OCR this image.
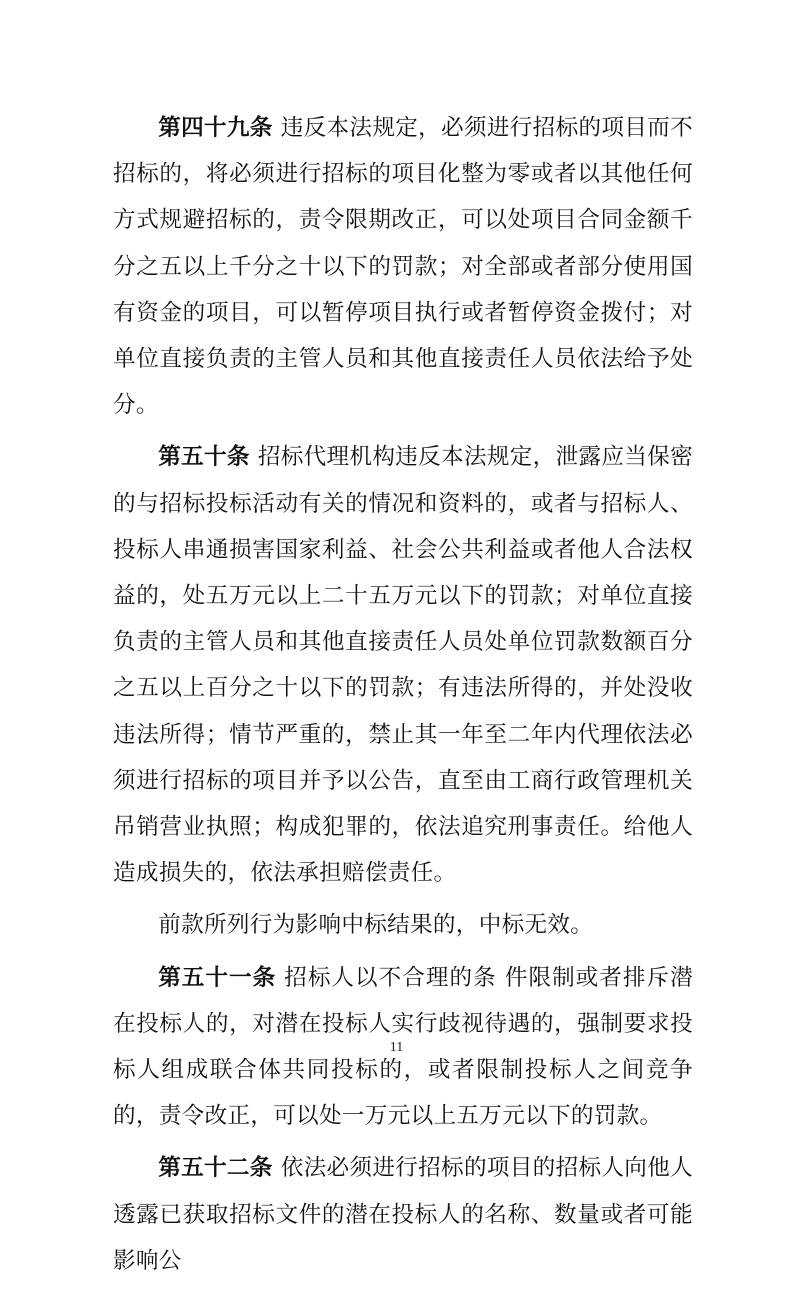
第四十九条 违反本法规定，必须进行招标的项目而不招标的，将必须进行招标的项目化整为零或者以其他任何方式规避招标的，责令限期改正，可以处项目合同金额千分之五以上千分之十以下的罚款；对全部或者部分使用国有资金的项目，可以暂停项目执行或者暂停资金拨付；对单位直接负责的主管人员和其他直接责任人员依法给予处分。

第五十条 招标代理机构违反本法规定，泄露应当保密的与招标投标活动有关的情况和资料的，或者与招标人、投标人串通损害国家利益、社会公共利益或者他人合法权益的，处五万元以上二十五万元以下的罚款；对单位直接负责的主管人员和其他直接责任人员处单位罚款数额百分之五以上百分之十以下的罚款；有违法所得的，并处没收违法所得；情节严重的，禁止其一年至二年内代理依法必须进行招标的项目并予以公告，直至由工商行政管理机关吊销营业执照；构成犯罪的，依法追究刑事责任。给他人造成损失的，依法承担赔偿责任。

前款所列行为影响中标结果的，中标无效。

第五十一条 招标人以不合理的条 件限制或者排斥潜在投标人的，对潜在投标人实行歧视待遇的，强制要求投标人组成联合体共同投标的，或者限制投标人之间竞争的，责令改正，可以处一万元以上五万元以下的罚款。

第五十二条 依法必须进行招标的项目的招标人向他人透露已获取招标文件的潜在投标人的名称、数量或者可能影响公

11
